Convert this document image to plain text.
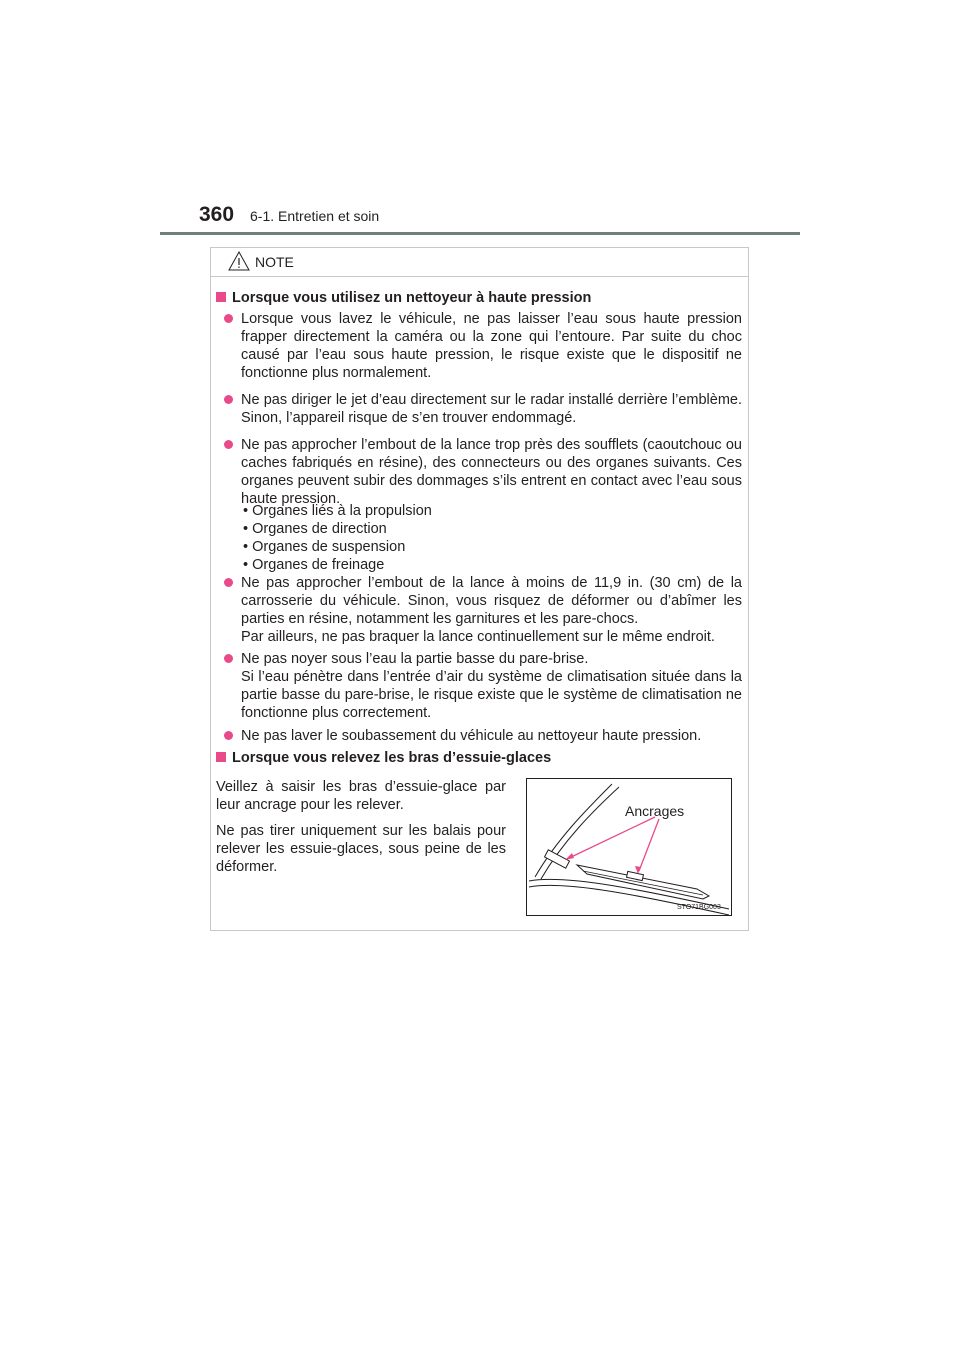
360 6-1. Entretien et soin
NOTE
Lorsque vous utilisez un nettoyeur à haute pression
Lorsque vous lavez le véhicule, ne pas laisser l’eau sous haute pression frapper directement la caméra ou la zone qui l’entoure. Par suite du choc causé par l’eau sous haute pression, le risque existe que le dispositif ne fonctionne plus normalement.
Ne pas diriger le jet d’eau directement sur le radar installé derrière l’emblème. Sinon, l’appareil risque de s’en trouver endommagé.
Ne pas approcher l’embout de la lance trop près des soufflets (caoutchouc ou caches fabriqués en résine), des connecteurs ou des organes suivants. Ces organes peuvent subir des dommages s’ils entrent en contact avec l’eau sous haute pression.
• Organes liés à la propulsion
• Organes de direction
• Organes de suspension
• Organes de freinage
Ne pas approcher l’embout de la lance à moins de 11,9 in. (30 cm) de la carrosserie du véhicule. Sinon, vous risquez de déformer ou d’abîmer les parties en résine, notamment les garnitures et les pare-chocs.
Par ailleurs, ne pas braquer la lance continuellement sur le même endroit.
Ne pas noyer sous l’eau la partie basse du pare-brise.
Si l’eau pénètre dans l’entrée d’air du système de climatisation située dans la partie basse du pare-brise, le risque existe que le système de climatisation ne fonctionne plus correctement.
Ne pas laver le soubassement du véhicule au nettoyeur haute pression.
Lorsque vous relevez les bras d’essuie-glaces

Veillez à saisir les bras d’essuie-glace par leur ancrage pour les relever.

Ne pas tirer uniquement sur les balais pour relever les essuie-glaces, sous peine de les déformer.

Ancrages
STO71BG003
